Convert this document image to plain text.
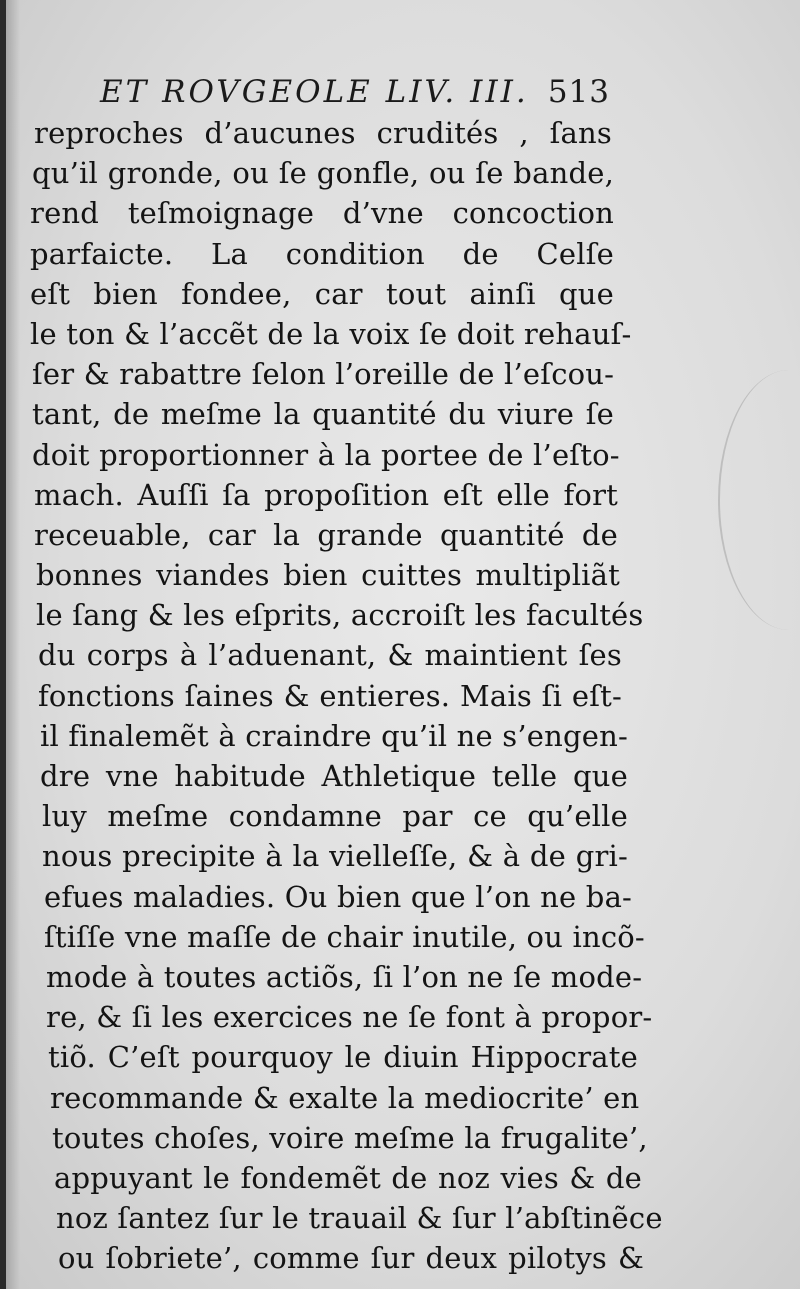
ET ROVGEOLE LIV. III. 513
reproches d’aucunes crudités , ſans
qu’il gronde, ou ſe gonfle, ou ſe bande,
rend teſmoignage d’vne concoction
parfaicte. La condition de Celſe
eſt bien fondee, car tout ainſi que
le ton & l’accẽt de la voix ſe doit rehauſ-
ſer & rabattre ſelon l’oreille de l’eſcou-
tant, de meſme la quantité du viure ſe
doit proportionner à la portee de l’eſto-
mach. Auſſi ſa propoſition eſt elle fort
receuable, car la grande quantité de
bonnes viandes bien cuittes multipliãt
le ſang & les eſprits, accroiſt les facultés
du corps à l’aduenant, & maintient ſes
fonctions ſaines & entieres. Mais ſi eſt-
il finalemẽt à craindre qu’il ne s’engen-
dre vne habitude Athletique telle que
luy meſme condamne par ce qu’elle
nous precipite à la vielleſſe, & à de gri-
efues maladies. Ou bien que l’on ne ba-
ſtiſſe vne maſſe de chair inutile, ou incõ-
mode à toutes actiõs, ſi l’on ne ſe mode-
re, & ſi les exercices ne ſe font à propor-
tiõ. C’eſt pourquoy le diuin Hippocrate
recommande & exalte la mediocrite’ en
toutes choſes, voire meſme la frugalite’,
appuyant le fondemẽt de noz vies & de
noz ſantez ſur le trauail & ſur l’abſtinẽce
ou ſobriete’, comme ſur deux pilotys &
